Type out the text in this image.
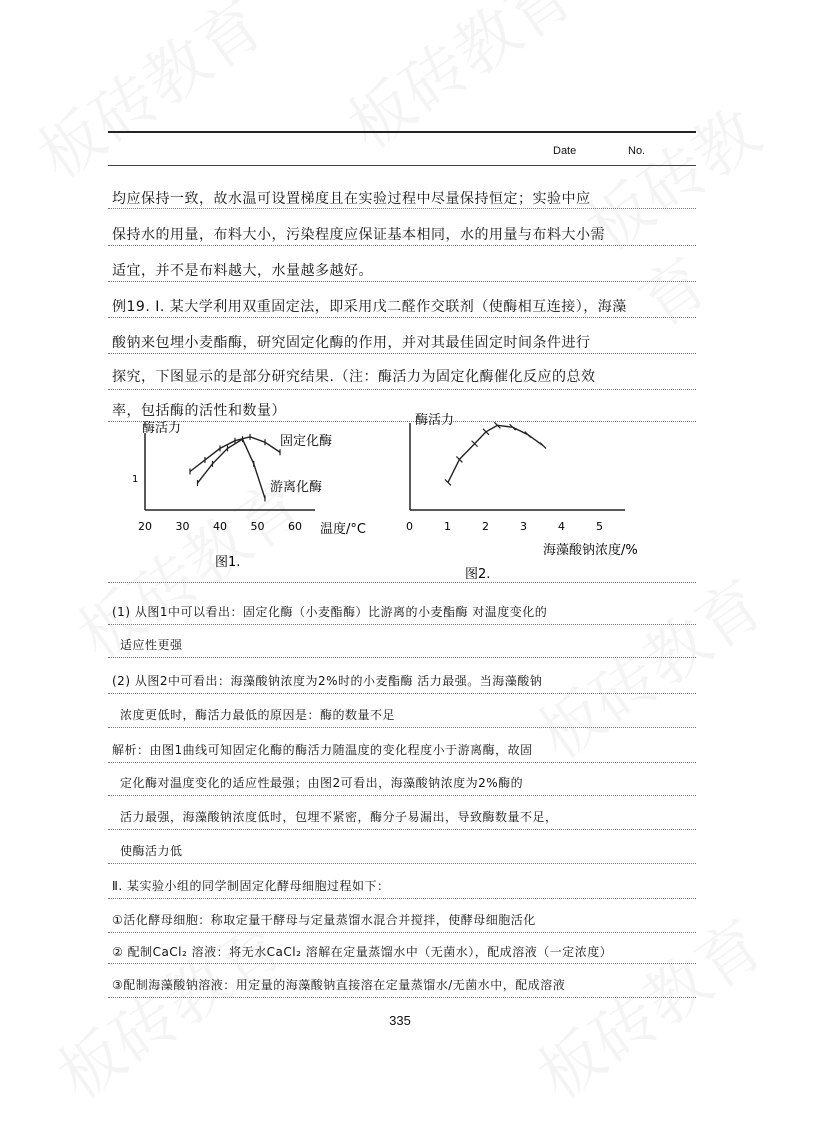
Date	No.
均应保持一致，故水温可设置梯度且在实验过程中尽量保持恒定；实验中应
保持水的用量，布料大小，污染程度应保证基本相同，水的用量与布料大小需
适宜，并不是布料越大，水量越多越好。
例19. Ⅰ. 某大学利用双重固定法，即采用戊二醛作交联剂（使酶相互连接），海藻
酸钠来包埋小麦酯酶，研究固定化酶的作用，并对其最佳固定时间条件进行
探究，下图显示的是部分研究结果.（注：酶活力为固定化酶催化反应的总效
率，包括酶的活性和数量）
酶活力
1
20 30 40 50 60 温度/°C
固定化酶
游离化酶
图1.
酶活力
0	1	2	3	4	5
海藻酸钠浓度/%
图2.
(1) 从图1中可以看出：固定化酶（小麦酯酶）比游离的小麦酯酶 对温度变化的
适应性更强
(2) 从图2中可看出：海藻酸钠浓度为2%时的小麦酯酶 活力最强。当海藻酸钠
浓度更低时，酶活力最低的原因是：酶的数量不足
解析：由图1曲线可知固定化酶的酶活力随温度的变化程度小于游离酶，故固
定化酶对温度变化的适应性最强；由图2可看出，海藻酸钠浓度为2%酶的
活力最强，海藻酸钠浓度低时，包埋不紧密，酶分子易漏出，导致酶数量不足，
使酶活力低
Ⅱ. 某实验小组的同学制固定化酵母细胞过程如下：
①活化酵母细胞：称取定量干酵母与定量蒸馏水混合并搅拌，使酵母细胞活化
② 配制CaCl₂ 溶液：将无水CaCl₂ 溶解在定量蒸馏水中（无菌水），配成溶液（一定浓度）
③配制海藻酸钠溶液：用定量的海藻酸钠直接溶在定量蒸馏水/无菌水中，配成溶液
335
